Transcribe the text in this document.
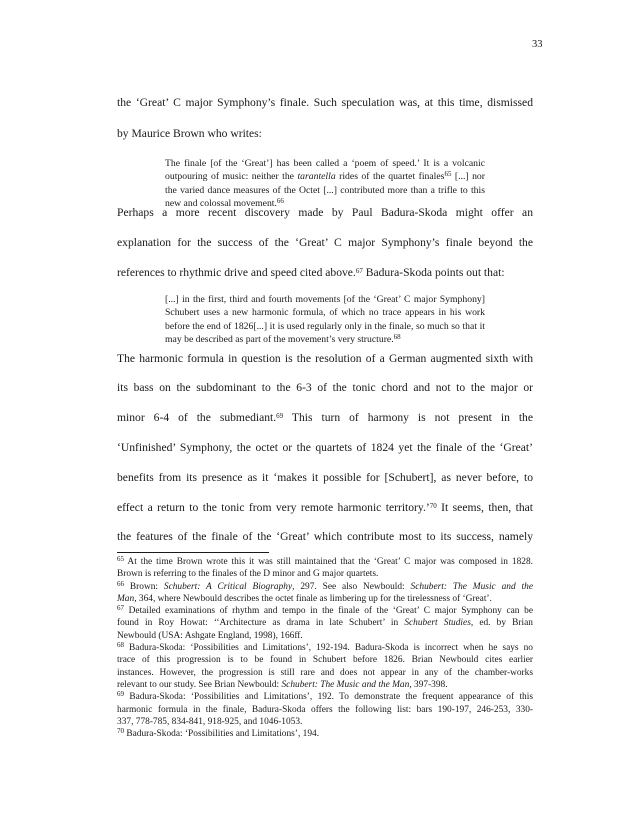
33
the ‘Great’ C major Symphony’s finale. Such speculation was, at this time, dismissed
by Maurice Brown who writes:
The finale [of the ‘Great’] has been called a ‘poem of speed.’ It is a volcanic
outpouring of music: neither the tarantella rides of the quartet finales$^{65}$ [...] nor
the varied dance measures of the Octet [...] contributed more than a trifle to this
new and colossal movement.$^{66}$
Perhaps a more recent discovery made by Paul Badura-Skoda might offer an
explanation for the success of the ‘Great’ C major Symphony’s finale beyond the
references to rhythmic drive and speed cited above.$^{67}$ Badura-Skoda points out that:
[...] in the first, third and fourth movements [of the ‘Great’ C major Symphony]
Schubert uses a new harmonic formula, of which no trace appears in his work
before the end of 1826[...] it is used regularly only in the finale, so much so that it
may be described as part of the movement’s very structure.$^{68}$
The harmonic formula in question is the resolution of a German augmented sixth with
its bass on the subdominant to the 6-3 of the tonic chord and not to the major or
minor 6-4 of the submediant.$^{69}$ This turn of harmony is not present in the
‘Unfinished’ Symphony, the octet or the quartets of 1824 yet the finale of the ‘Great’
benefits from its presence as it ‘makes it possible for [Schubert], as never before, to
effect a return to the tonic from very remote harmonic territory.’$^{70}$ It seems, then, that
the features of the finale of the ‘Great’ which contribute most to its success, namely
$^{65}$ At the time Brown wrote this it was still maintained that the ‘Great’ C major was composed in 1828.
Brown is referring to the finales of the D minor and G major quartets.
$^{66}$ Brown: Schubert: A Critical Biography, 297. See also Newbould: Schubert: The Music and the
Man, 364, where Newbould describes the octet finale as limbering up for the tirelessness of ‘Great’.
$^{67}$ Detailed examinations of rhythm and tempo in the finale of the ‘Great’ C major Symphony can be
found in Roy Howat: ‘‘Architecture as drama in late Schubert’ in Schubert Studies, ed. by Brian
Newbould (USA: Ashgate England, 1998), 166ff.
$^{68}$ Badura-Skoda: ‘Possibilities and Limitations’, 192-194. Badura-Skoda is incorrect when he says no
trace of this progression is to be found in Schubert before 1826. Brian Newbould cites earlier
instances. However, the progression is still rare and does not appear in any of the chamber-works
relevant to our study. See Brian Newbould: Schubert: The Music and the Man, 397-398.
$^{69}$ Badura-Skoda: ‘Possibilities and Limitations’, 192. To demonstrate the frequent appearance of this
harmonic formula in the finale, Badura-Skoda offers the following list: bars 190-197, 246-253, 330-
337, 778-785, 834-841, 918-925, and 1046-1053.
$^{70}$ Badura-Skoda: ‘Possibilities and Limitations’, 194.
